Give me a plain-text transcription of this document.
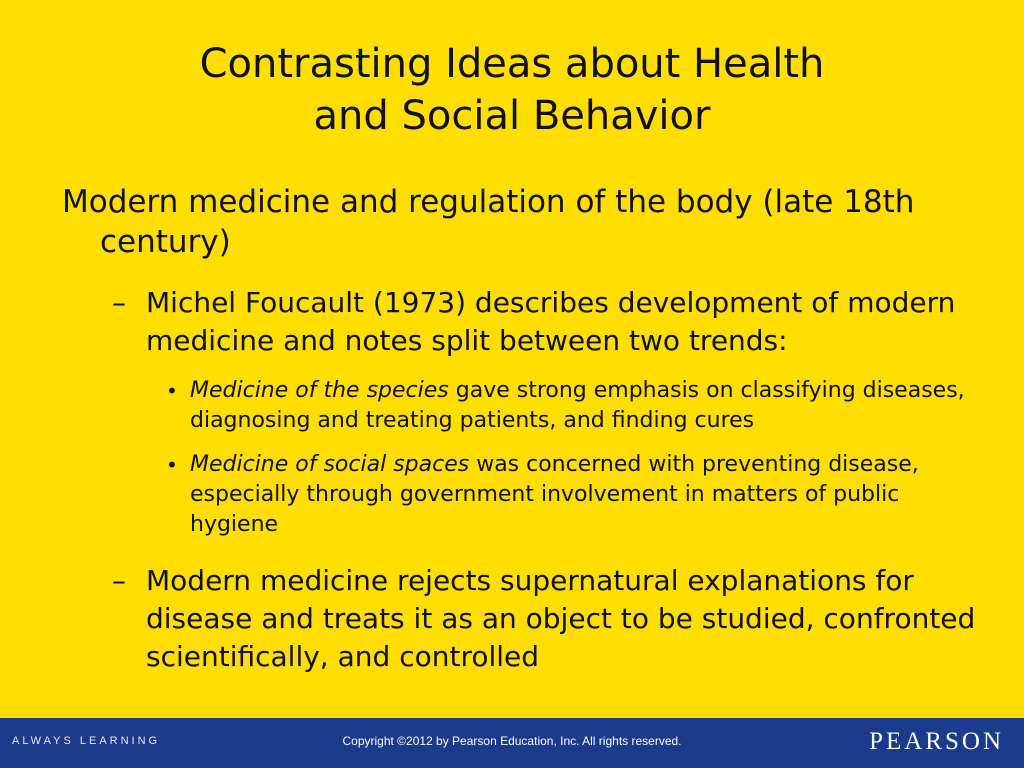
Contrasting Ideas about Health
and Social Behavior
Modern medicine and regulation of the body (late 18th century)
– Michel Foucault (1973) describes development of modern medicine and notes split between two trends:
• Medicine of the species gave strong emphasis on classifying diseases, diagnosing and treating patients, and finding cures
• Medicine of social spaces was concerned with preventing disease, especially through government involvement in matters of public hygiene
– Modern medicine rejects supernatural explanations for disease and treats it as an object to be studied, confronted scientifically, and controlled
ALWAYS LEARNING	Copyright ©2012 by Pearson Education, Inc. All rights reserved.	PEARSON
